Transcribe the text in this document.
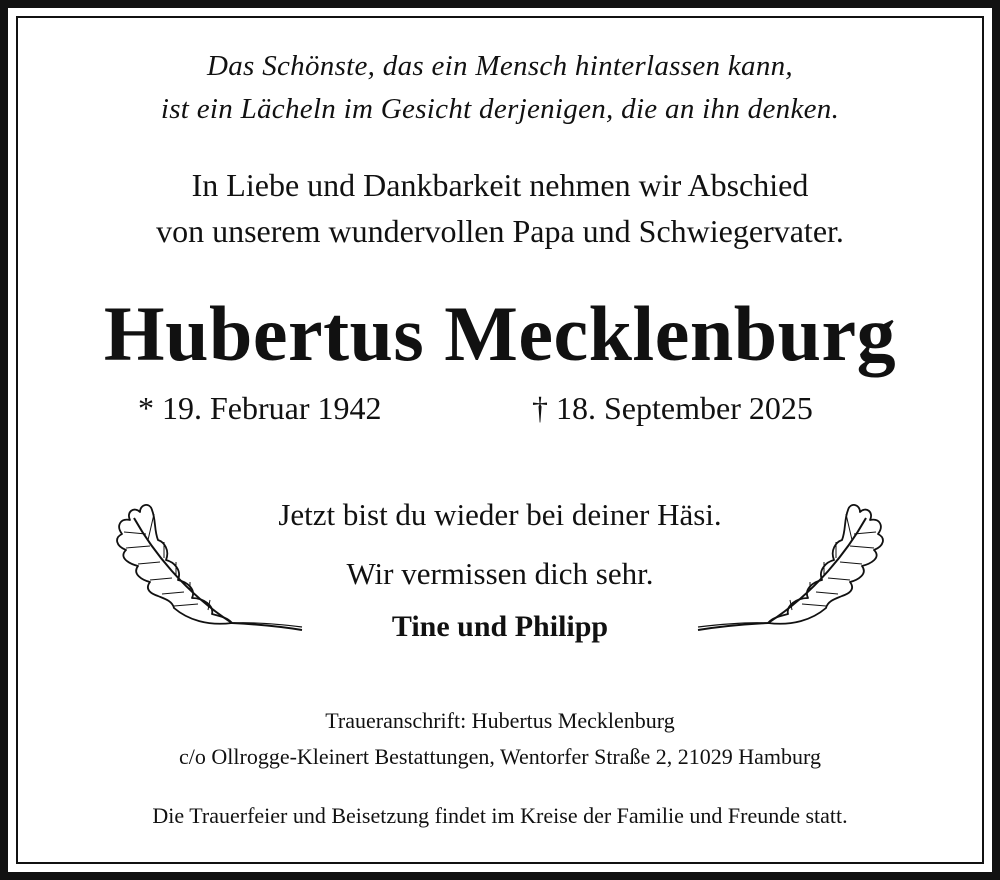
Das Schönste, das ein Mensch hinterlassen kann,
ist ein Lächeln im Gesicht derjenigen, die an ihn denken.
In Liebe und Dankbarkeit nehmen wir Abschied
von unserem wundervollen Papa und Schwiegervater.
Hubertus Mecklenburg
* 19. Februar 1942	† 18. September 2025
Jetzt bist du wieder bei deiner Häsi.
Wir vermissen dich sehr.
Tine und Philipp
Traueranschrift: Hubertus Mecklenburg
c/o Ollrogge-Kleinert Bestattungen, Wentorfer Straße 2, 21029 Hamburg
Die Trauerfeier und Beisetzung findet im Kreise der Familie und Freunde statt.
